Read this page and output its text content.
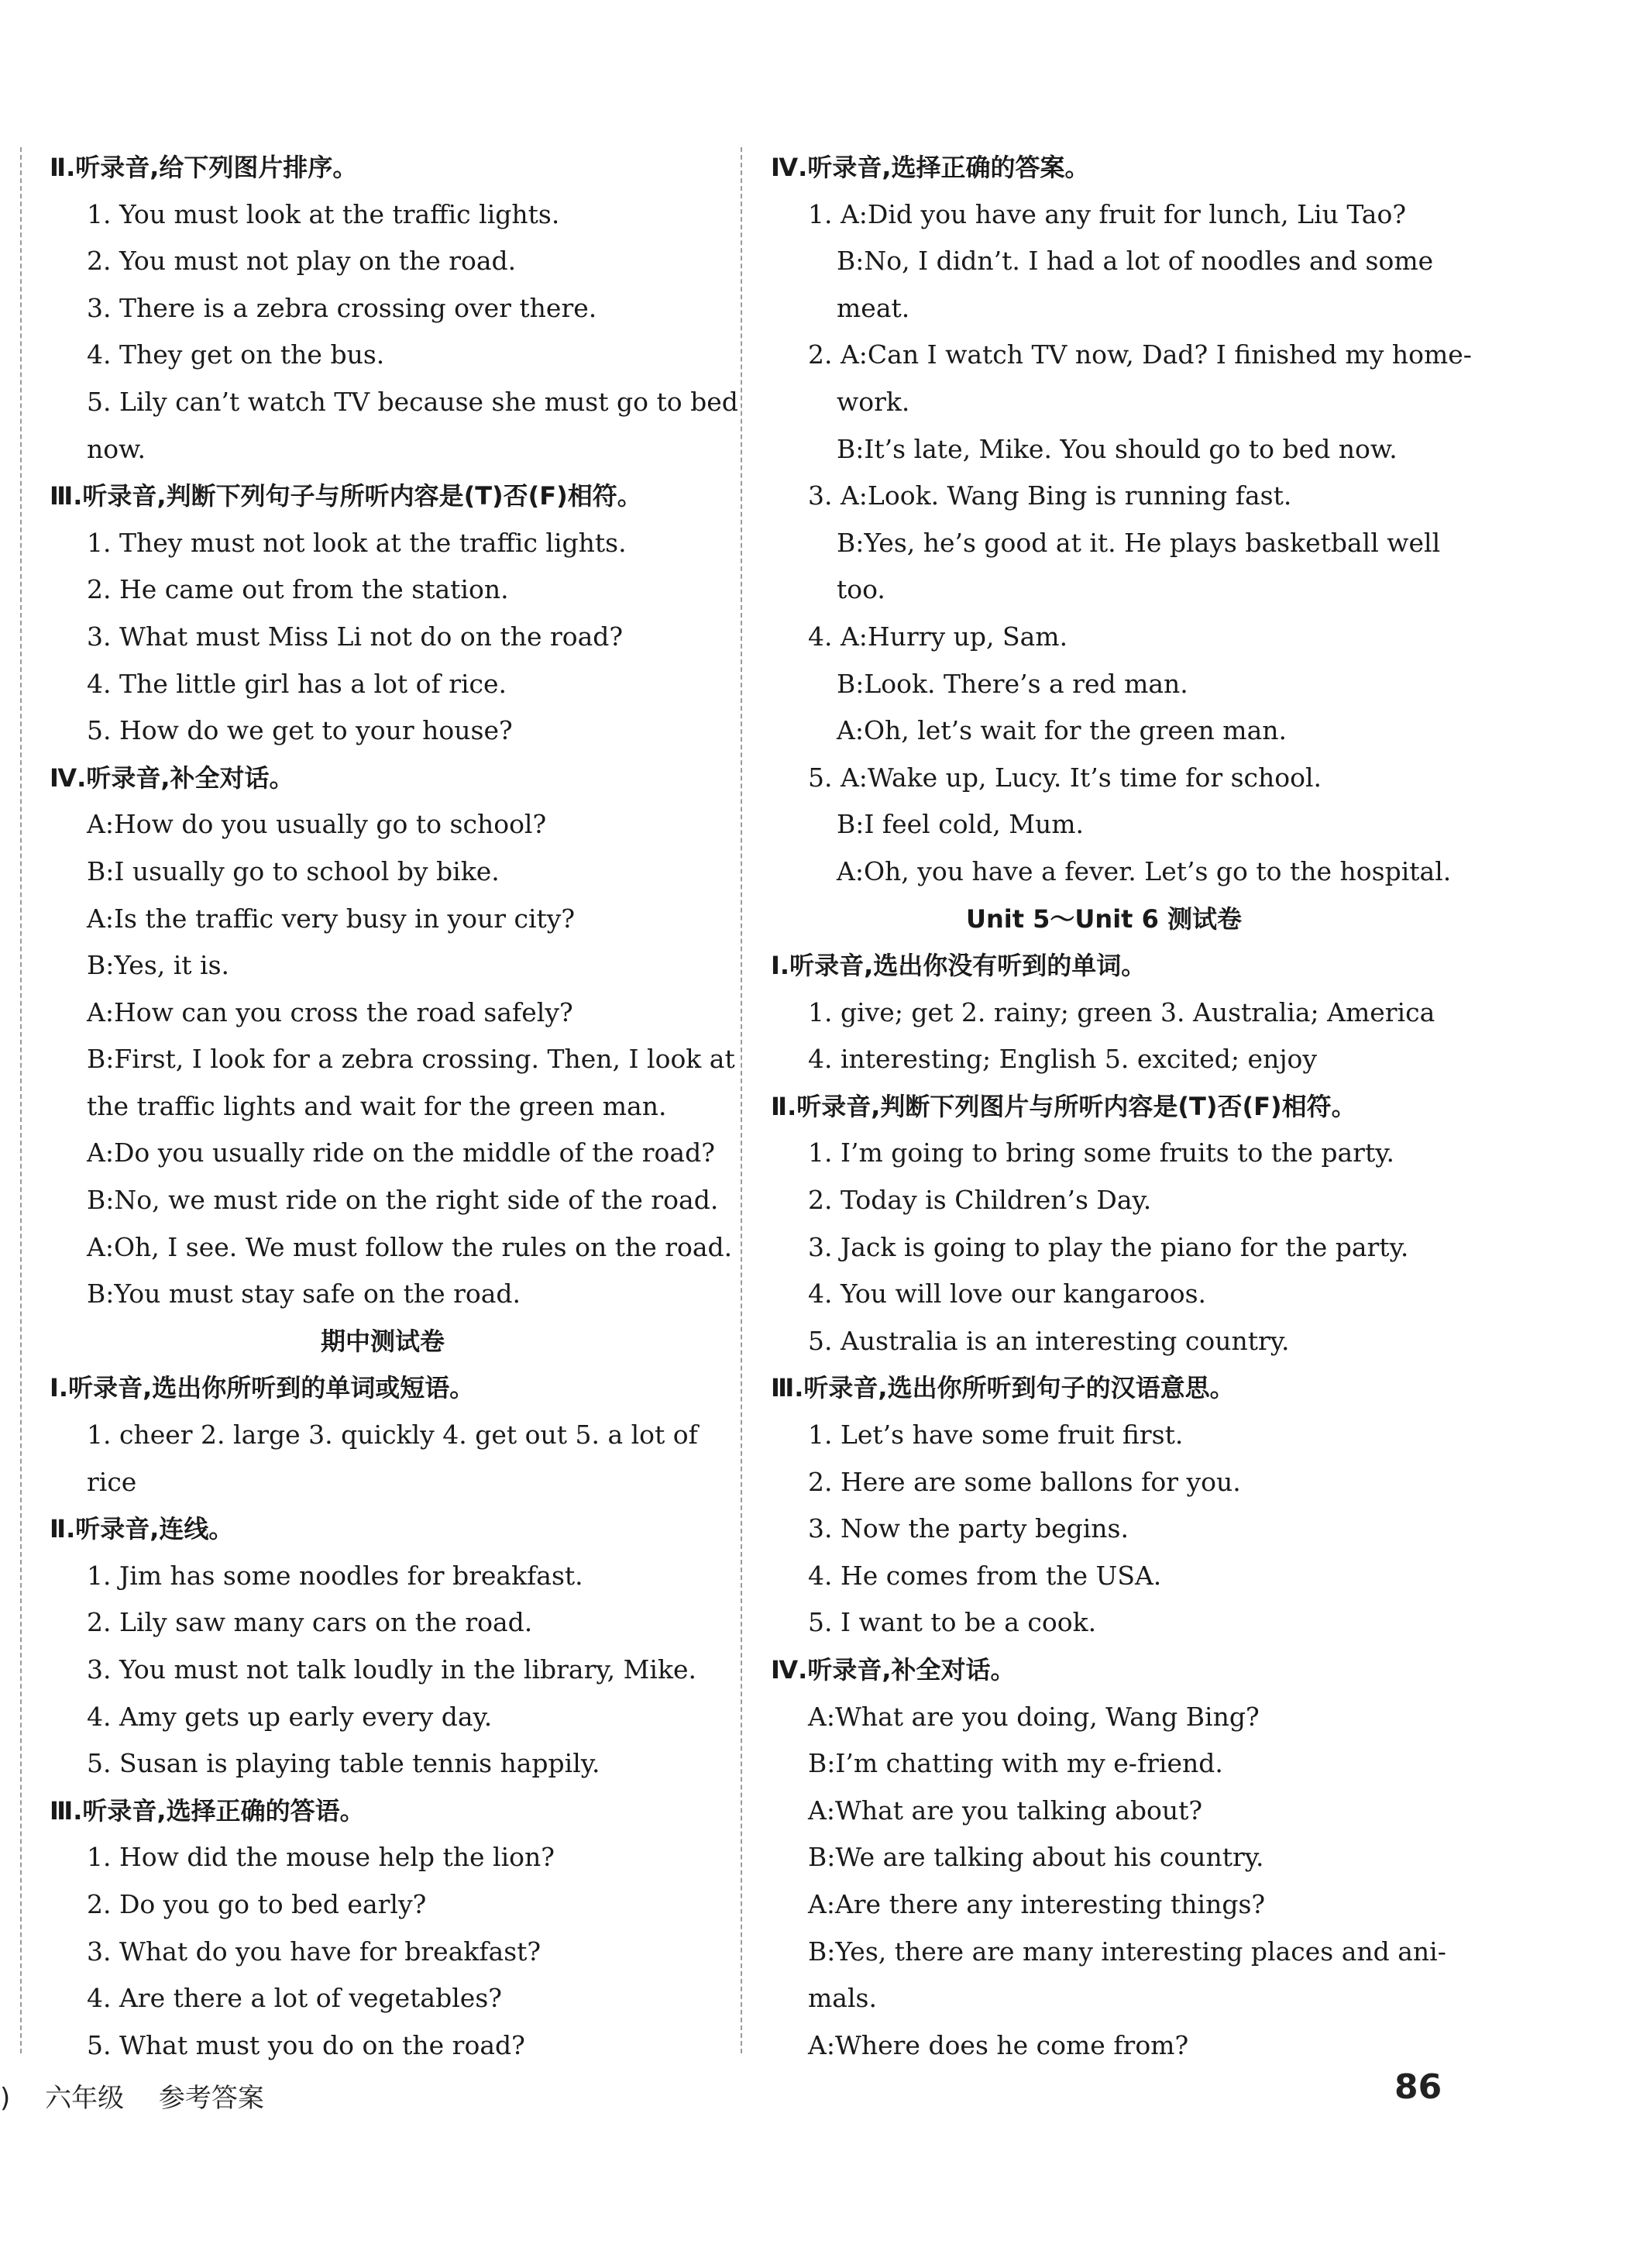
Ⅱ.听录音,给下列图片排序。
1. You must look at the traffic lights.
2. You must not play on the road.
3. There is a zebra crossing over there.
4. They get on the bus.
5. Lily can’t watch TV because she must go to bed
now.
Ⅲ.听录音,判断下列句子与所听内容是(T)否(F)相符。
1. They must not look at the traffic lights.
2. He came out from the station.
3. What must Miss Li not do on the road?
4. The little girl has a lot of rice.
5. How do we get to your house?
Ⅳ.听录音,补全对话。
A:How do you usually go to school?
B:I usually go to school by bike.
A:Is the traffic very busy in your city?
B:Yes, it is.
A:How can you cross the road safely?
B:First, I look for a zebra crossing. Then, I look at
the traffic lights and wait for the green man.
A:Do you usually ride on the middle of the road?
B:No, we must ride on the right side of the road.
A:Oh, I see. We must follow the rules on the road.
B:You must stay safe on the road.
期中测试卷
Ⅰ.听录音,选出你所听到的单词或短语。
1. cheer 2. large 3. quickly 4. get out 5. a lot of
rice
Ⅱ.听录音,连线。
1. Jim has some noodles for breakfast.
2. Lily saw many cars on the road.
3. You must not talk loudly in the library, Mike.
4. Amy gets up early every day.
5. Susan is playing table tennis happily.
Ⅲ.听录音,选择正确的答语。
1. How did the mouse help the lion?
2. Do you go to bed early?
3. What do you have for breakfast?
4. Are there a lot of vegetables?
5. What must you do on the road?
Ⅳ.听录音,选择正确的答案。
1. A:Did you have any fruit for lunch, Liu Tao?
B:No, I didn’t. I had a lot of noodles and some
meat.
2. A:Can I watch TV now, Dad? I finished my home-
work.
B:It’s late, Mike. You should go to bed now.
3. A:Look. Wang Bing is running fast.
B:Yes, he’s good at it. He plays basketball well
too.
4. A:Hurry up, Sam.
B:Look. There’s a red man.
A:Oh, let’s wait for the green man.
5. A:Wake up, Lucy. It’s time for school.
B:I feel cold, Mum.
A:Oh, you have a fever. Let’s go to the hospital.
Unit 5～Unit 6 测试卷
Ⅰ.听录音,选出你没有听到的单词。
1. give; get 2. rainy; green 3. Australia; America
4. interesting; English 5. excited; enjoy
Ⅱ.听录音,判断下列图片与所听内容是(T)否(F)相符。
1. I’m going to bring some fruits to the party.
2. Today is Children’s Day.
3. Jack is going to play the piano for the party.
4. You will love our kangaroos.
5. Australia is an interesting country.
Ⅲ.听录音,选出你所听到句子的汉语意思。
1. Let’s have some fruit first.
2. Here are some ballons for you.
3. Now the party begins.
4. He comes from the USA.
5. I want to be a cook.
Ⅳ.听录音,补全对话。
A:What are you doing, Wang Bing?
B:I’m chatting with my e-friend.
A:What are you talking about?
B:We are talking about his country.
A:Are there any interesting things?
B:Yes, there are many interesting places and ani-
mals.
A:Where does he come from?
) 六年级 参考答案	86
